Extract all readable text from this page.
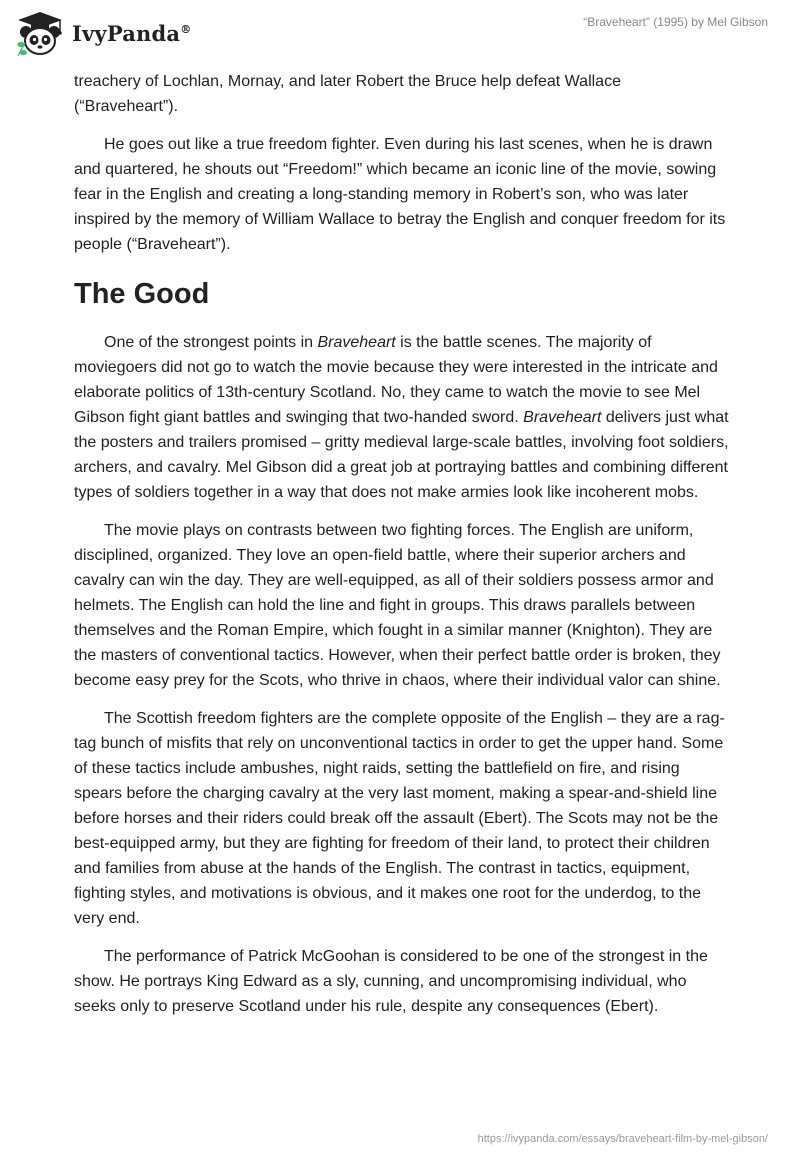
IvyPanda®	“Braveheart” (1995) by Mel Gibson

treachery of Lochlan, Mornay, and later Robert the Bruce help defeat Wallace (“Braveheart”).

He goes out like a true freedom fighter. Even during his last scenes, when he is drawn and quartered, he shouts out “Freedom!” which became an iconic line of the movie, sowing fear in the English and creating a long-standing memory in Robert’s son, who was later inspired by the memory of William Wallace to betray the English and conquer freedom for its people (“Braveheart”).

The Good

One of the strongest points in Braveheart is the battle scenes. The majority of moviegoers did not go to watch the movie because they were interested in the intricate and elaborate politics of 13th-century Scotland. No, they came to watch the movie to see Mel Gibson fight giant battles and swinging that two-handed sword. Braveheart delivers just what the posters and trailers promised – gritty medieval large-scale battles, involving foot soldiers, archers, and cavalry. Mel Gibson did a great job at portraying battles and combining different types of soldiers together in a way that does not make armies look like incoherent mobs.

The movie plays on contrasts between two fighting forces. The English are uniform, disciplined, organized. They love an open-field battle, where their superior archers and cavalry can win the day. They are well-equipped, as all of their soldiers possess armor and helmets. The English can hold the line and fight in groups. This draws parallels between themselves and the Roman Empire, which fought in a similar manner (Knighton). They are the masters of conventional tactics. However, when their perfect battle order is broken, they become easy prey for the Scots, who thrive in chaos, where their individual valor can shine.

The Scottish freedom fighters are the complete opposite of the English – they are a rag-tag bunch of misfits that rely on unconventional tactics in order to get the upper hand. Some of these tactics include ambushes, night raids, setting the battlefield on fire, and rising spears before the charging cavalry at the very last moment, making a spear-and-shield line before horses and their riders could break off the assault (Ebert). The Scots may not be the best-equipped army, but they are fighting for freedom of their land, to protect their children and families from abuse at the hands of the English. The contrast in tactics, equipment, fighting styles, and motivations is obvious, and it makes one root for the underdog, to the very end.

The performance of Patrick McGoohan is considered to be one of the strongest in the show. He portrays King Edward as a sly, cunning, and uncompromising individual, who seeks only to preserve Scotland under his rule, despite any consequences (Ebert).

https://ivypanda.com/essays/braveheart-film-by-mel-gibson/
